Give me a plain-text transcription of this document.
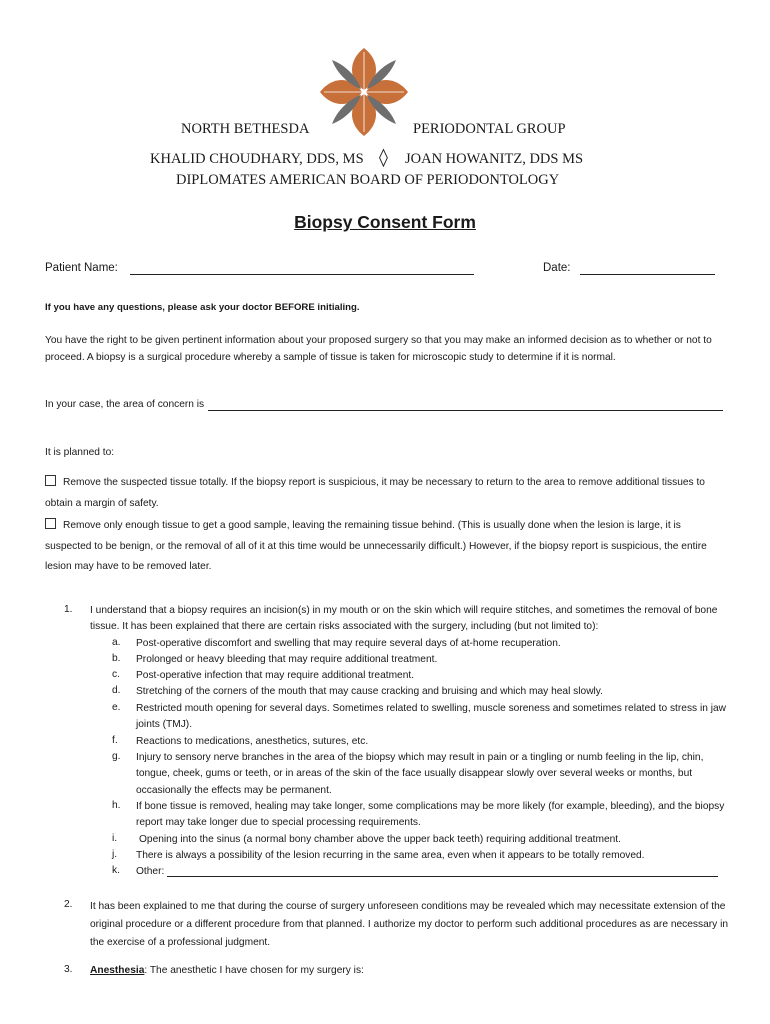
NORTH BETHESDA	PERIODONTAL GROUP
KHALID CHOUDHARY, DDS, MS ◊ JOAN HOWANITZ, DDS MS
DIPLOMATES AMERICAN BOARD OF PERIODONTOLOGY
Biopsy Consent Form
Patient Name:	Date:
If you have any questions, please ask your doctor BEFORE initialing.
You have the right to be given pertinent information about your proposed surgery so that you may make an informed decision as to whether or not to proceed. A biopsy is a surgical procedure whereby a sample of tissue is taken for microscopic study to determine if it is normal.
In your case, the area of concern is
It is planned to:
Remove the suspected tissue totally. If the biopsy report is suspicious, it may be necessary to return to the area to remove additional tissues to obtain a margin of safety.
Remove only enough tissue to get a good sample, leaving the remaining tissue behind. (This is usually done when the lesion is large, it is suspected to be benign, or the removal of all of it at this time would be unnecessarily difficult.) However, if the biopsy report is suspicious, the entire lesion may have to be removed later.
1. I understand that a biopsy requires an incision(s) in my mouth or on the skin which will require stitches, and sometimes the removal of bone tissue. It has been explained that there are certain risks associated with the surgery, including (but not limited to):
a. Post-operative discomfort and swelling that may require several days of at-home recuperation.
b. Prolonged or heavy bleeding that may require additional treatment.
c. Post-operative infection that may require additional treatment.
d. Stretching of the corners of the mouth that may cause cracking and bruising and which may heal slowly.
e. Restricted mouth opening for several days. Sometimes related to swelling, muscle soreness and sometimes related to stress in jaw joints (TMJ).
f. Reactions to medications, anesthetics, sutures, etc.
g. Injury to sensory nerve branches in the area of the biopsy which may result in pain or a tingling or numb feeling in the lip, chin, tongue, cheek, gums or teeth, or in areas of the skin of the face usually disappear slowly over several weeks or months, but occasionally the effects may be permanent.
h. If bone tissue is removed, healing may take longer, some complications may be more likely (for example, bleeding), and the biopsy report may take longer due to special processing requirements.
i. Opening into the sinus (a normal bony chamber above the upper back teeth) requiring additional treatment.
j. There is always a possibility of the lesion recurring in the same area, even when it appears to be totally removed.
k. Other:
2. It has been explained to me that during the course of surgery unforeseen conditions may be revealed which may necessitate extension of the original procedure or a different procedure from that planned. I authorize my doctor to perform such additional procedures as are necessary in the exercise of a professional judgment.
3. Anesthesia: The anesthetic I have chosen for my surgery is:
